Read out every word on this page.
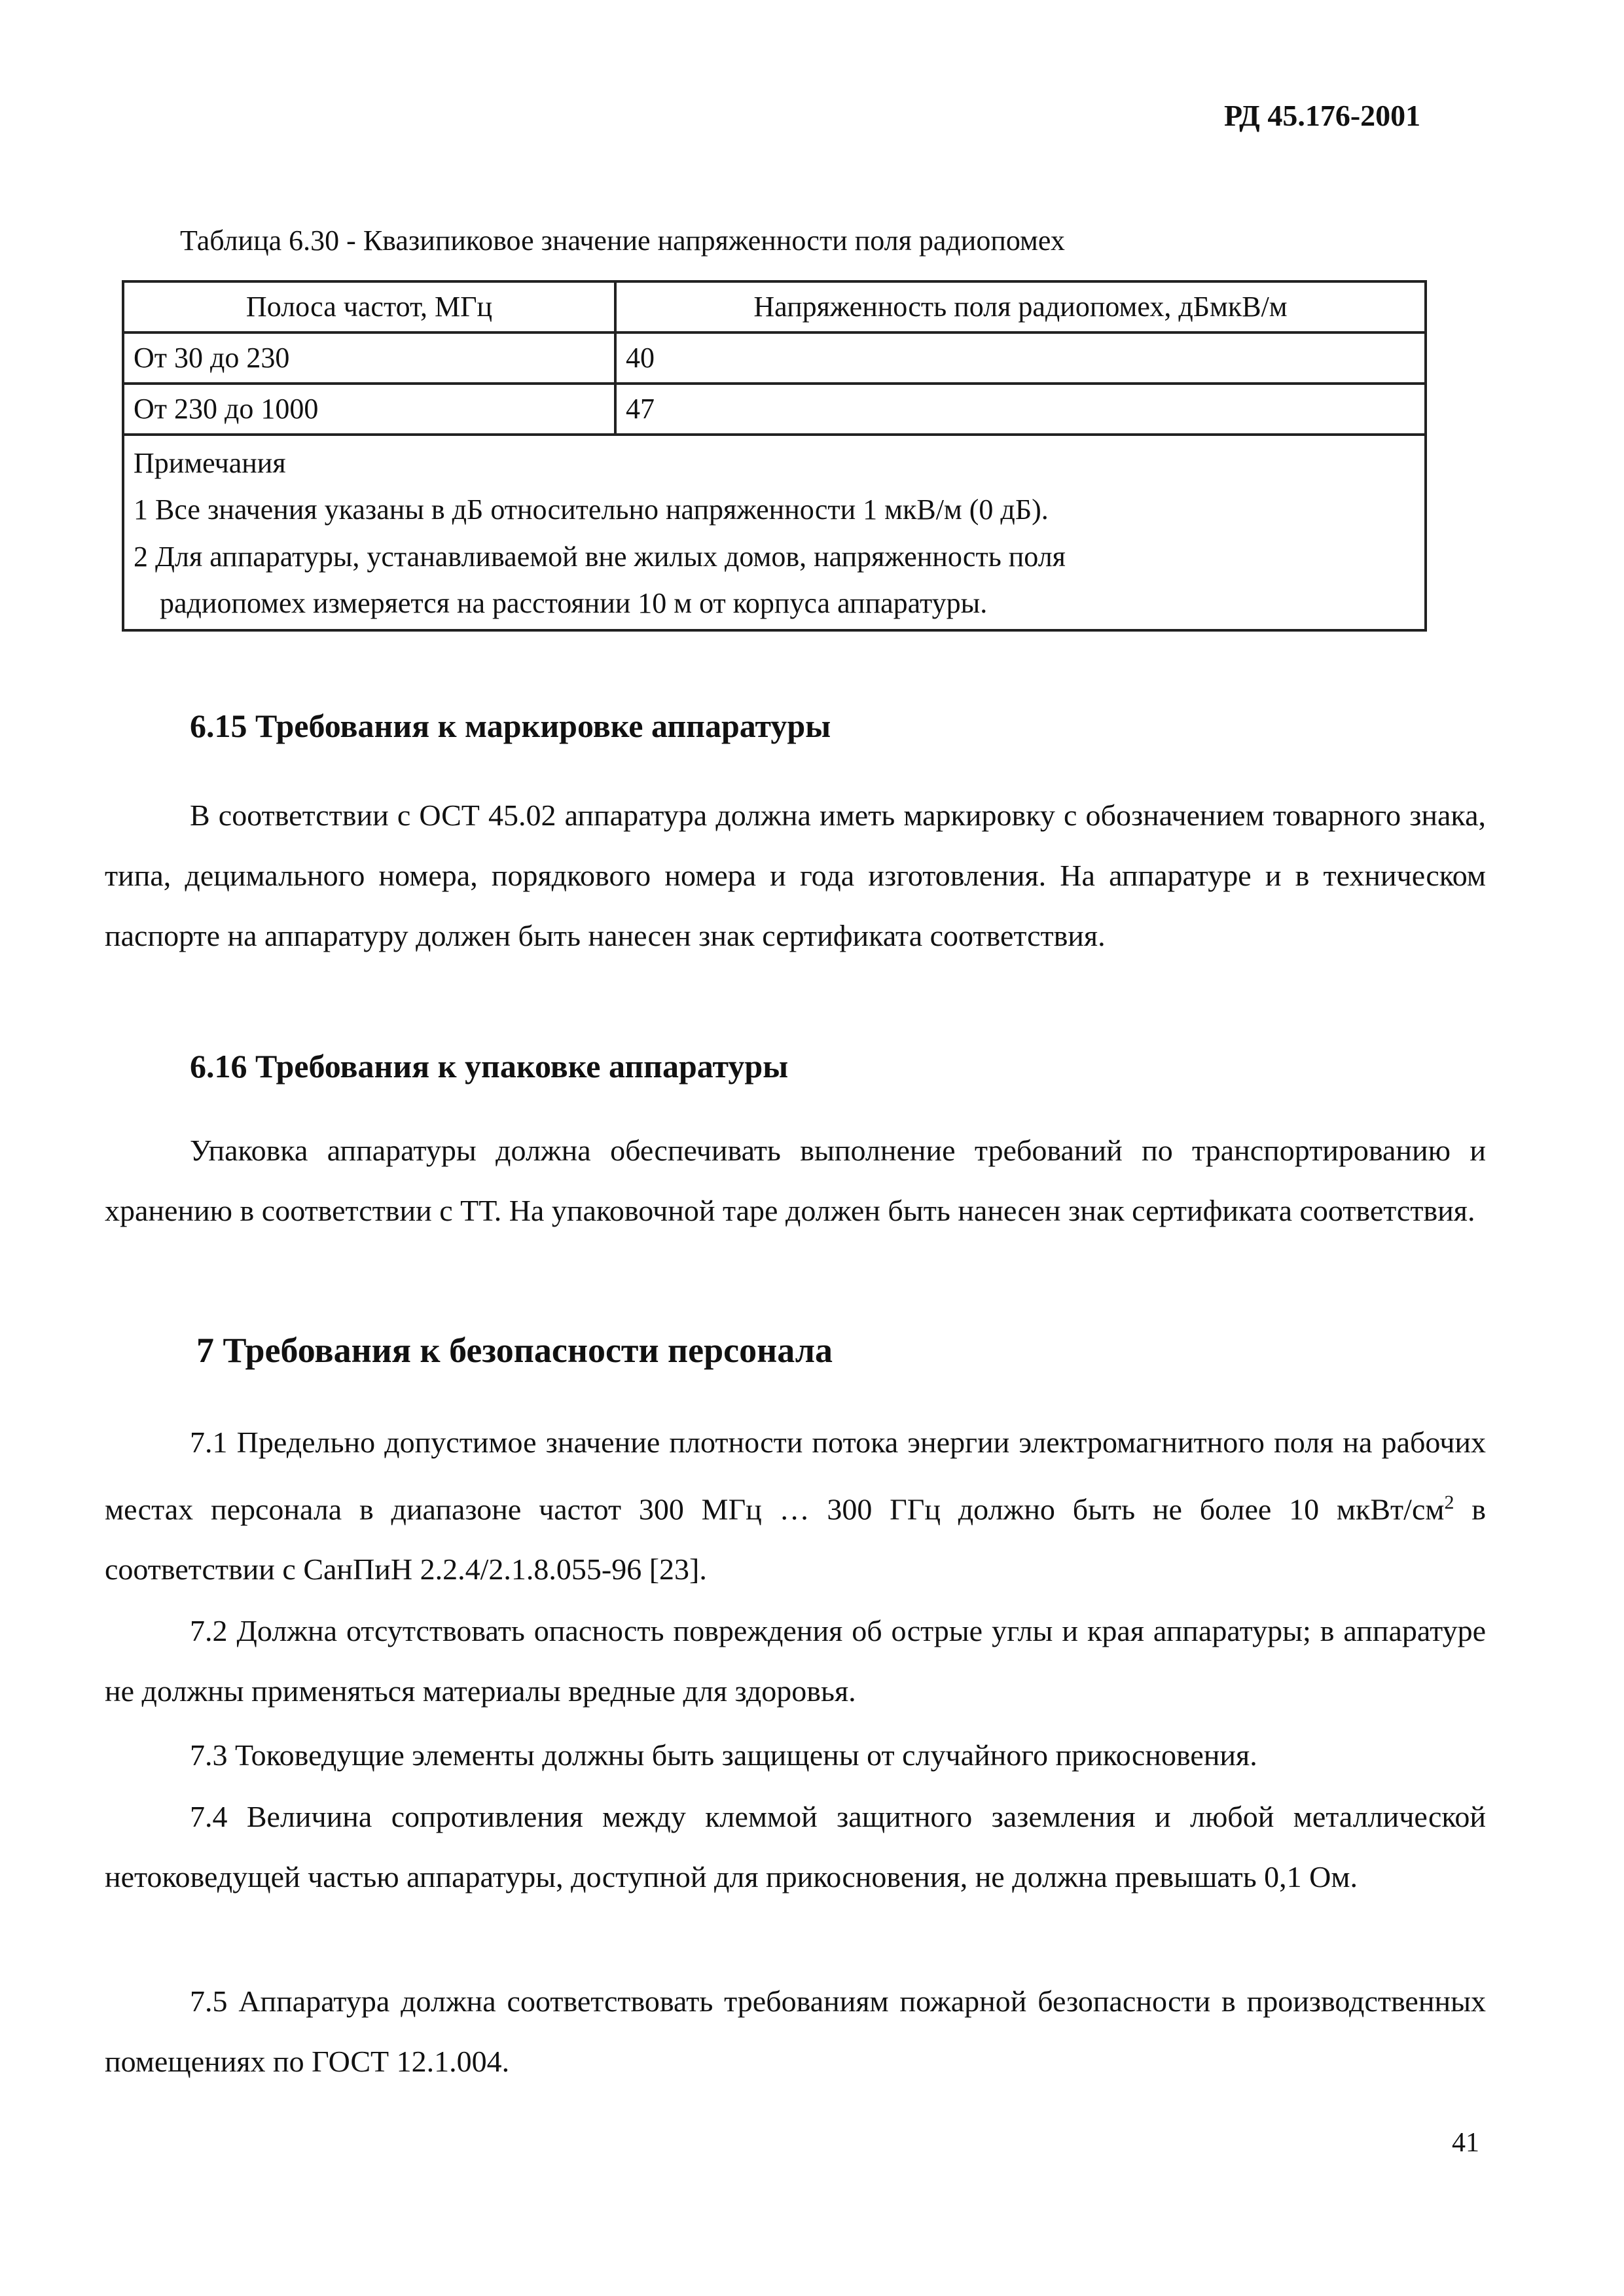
РД 45.176-2001
Таблица 6.30 - Квазипиковое значение напряженности поля радиопомех
Полоса частот, МГц	Напряженность поля радиопомех, дБмкВ/м
От 30 до 230	40
От 230 до 1000	47

Примечания
1 Все значения указаны в дБ относительно напряженности 1 мкВ/м (0 дБ).
2 Для аппаратуры, устанавливаемой вне жилых домов, напряженность поля
радиопомех измеряется на расстоянии 10 м от корпуса аппаратуры.	
6.15 Требования к маркировке аппаратуры
В соответствии с ОСТ 45.02 аппаратура должна иметь маркировку с обозначением товарного знака, типа, децимального номера, порядкового номера и года изготовления. На аппаратуре и в техническом паспорте на аппаратуру должен быть нанесен знак сертификата соответствия.
6.16 Требования к упаковке аппаратуры
Упаковка аппаратуры должна обеспечивать выполнение требований по транспортированию и хранению в соответствии с ТТ. На упаковочной таре должен быть нанесен знак сертификата соответствия.
7 Требования к безопасности персонала
7.1 Предельно допустимое значение плотности потока энергии электромагнитного поля на рабочих местах персонала в диапазоне частот 300 МГц … 300 ГГц должно быть не более 10 мкВт/$см^2$ в соответствии с СанПиН 2.2.4/2.1.8.055-96 [23].
7.2 Должна отсутствовать опасность повреждения об острые углы и края аппаратуры; в аппаратуре не должны применяться материалы вредные для здоровья.
7.3 Токоведущие элементы должны быть защищены от случайного прикосновения.
7.4 Величина сопротивления между клеммой защитного заземления и любой металлической нетоковедущей частью аппаратуры, доступной для прикосновения, не должна превышать 0,1 Ом.
7.5 Аппаратура должна соответствовать требованиям пожарной безопасности в производственных помещениях по ГОСТ 12.1.004.
41
